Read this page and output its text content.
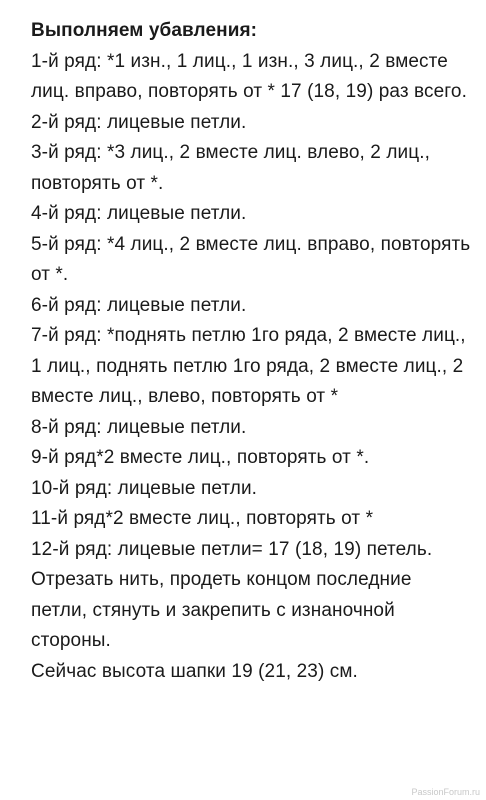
Выполняем убавления:

1-й ряд: *1 изн., 1 лиц., 1 изн., 3 лиц., 2 вместе лиц. вправо, повторять от * 17 (18, 19) раз всего.

2-й ряд: лицевые петли.

3-й ряд: *3 лиц., 2 вместе лиц. влево, 2 лиц., повторять от *.

4-й ряд: лицевые петли.

5-й ряд: *4 лиц., 2 вместе лиц. вправо, повторять от *.

6-й ряд: лицевые петли.

7-й ряд: *поднять петлю 1го ряда, 2 вместе лиц., 1 лиц., поднять петлю 1го ряда, 2 вместе лиц., 2 вместе лиц., влево, повторять от *

8-й ряд: лицевые петли.

9-й ряд*2 вместе лиц., повторять от *.

10-й ряд: лицевые петли.

11-й ряд*2 вместе лиц., повторять от *

12-й ряд: лицевые петли= 17 (18, 19) петель.

Отрезать нить, продеть концом последние петли, стянуть и закрепить с изнаночной стороны.

Сейчас высота шапки 19 (21, 23) см.

PassionForum.ru
